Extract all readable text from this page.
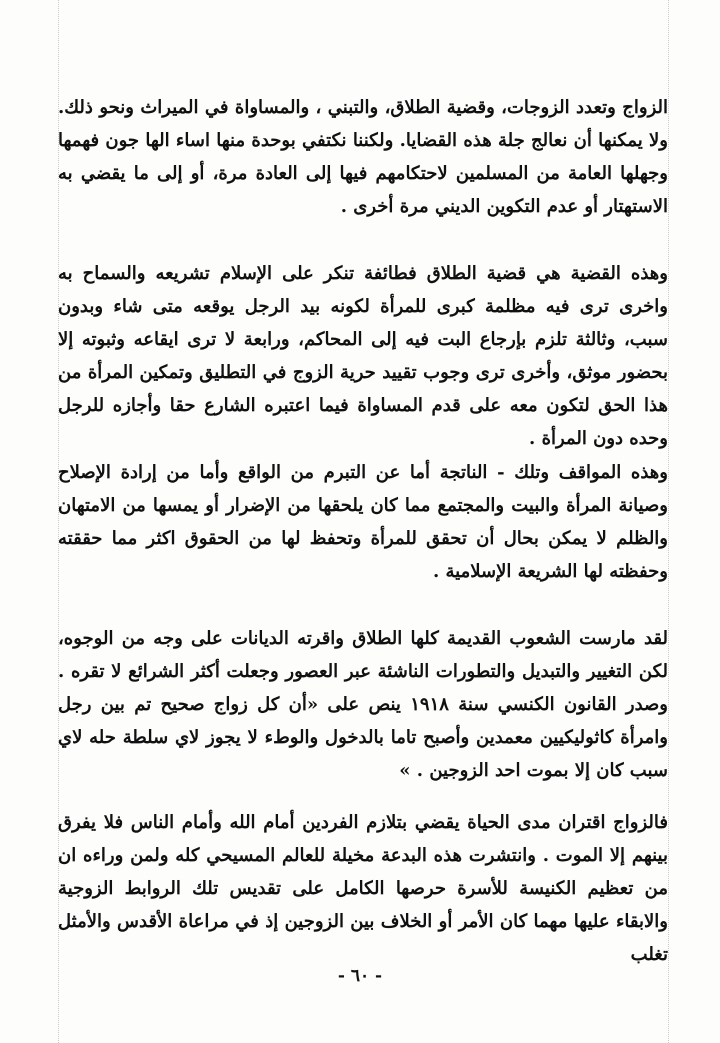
الزواج وتعدد الزوجات، وقضية الطلاق، والتبني ، والمساواة في الميراث ونحو ذلك. ولا يمكنها أن نعالج جلة هذه القضايا. ولكننا نكتفي بوحدة منها اساء الها جون فهمها وجهلها العامة من المسلمين لاحتكامهم فيها إلى العادة مرة، أو إلى ما يقضي به الاستهتار أو عدم التكوين الديني مرة أخرى .

وهذه القضية هي قضية الطلاق فطائفة تنكر على الإسلام تشريعه والسماح به واخرى ترى فيه مظلمة كبرى للمرأة لكونه بيد الرجل يوقعه متى شاء وبدون سبب، وثالثة تلزم بإرجاع البت فيه إلى المحاكم، ورابعة لا ترى ايقاعه وثبوته إلا بحضور موثق، وأخرى ترى وجوب تقييد حرية الزوج في التطليق وتمكين المرأة من هذا الحق لتكون معه على قدم المساواة فيما اعتبره الشارع حقا وأجازه للرجل وحده دون المرأة .

وهذه المواقف وتلك - الناتجة أما عن التبرم من الواقع وأما من إرادة الإصلاح وصيانة المرأة والبيت والمجتمع مما كان يلحقها من الإضرار أو يمسها من الامتهان والظلم لا يمكن بحال أن تحقق للمرأة وتحفظ لها من الحقوق اكثر مما حققته وحفظته لها الشريعة الإسلامية .

لقد مارست الشعوب القديمة كلها الطلاق واقرته الديانات على وجه من الوجوه، لكن التغيير والتبديل والتطورات الناشئة عبر العصور وجعلت أكثر الشرائع لا تقره . وصدر القانون الكنسي سنة ١٩١٨ ينص على «أن كل زواج صحيح تم بين رجل وامرأة كاثوليكيين معمدين وأصبح تاما بالدخول والوطء لا يجوز لاي سلطة حله لاي سبب كان إلا بموت احد الزوجين . »

فالزواج اقتران مدى الحياة يقضي بتلازم الفردين أمام الله وأمام الناس فلا يفرق بينهم إلا الموت . وانتشرت هذه البدعة مخيلة للعالم المسيحي كله ولمن وراءه ان من تعظيم الكنيسة للأسرة حرصها الكامل على تقديس تلك الروابط الزوجية والابقاء عليها مهما كان الأمر أو الخلاف بين الزوجين إذ في مراعاة الأقدس والأمثل تغلب

- ٦٠ -
